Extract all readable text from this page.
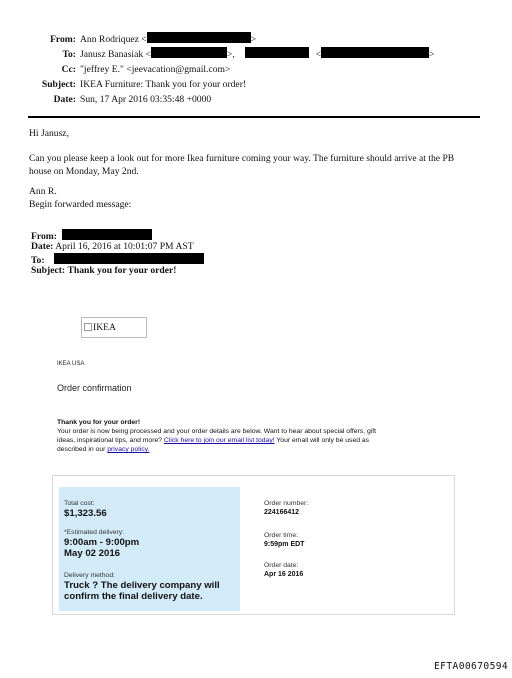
From: Ann Rodriquez <	>
To: Janusz Banasiak <	>,	<	>
Cc: "jeffrey E." <jeevacation@gmail.com>
Subject: IKEA Furniture: Thank you for your order!
Date: Sun, 17 Apr 2016 03:35:48 +0000
Hi Janusz,
Can you please keep a look out for more Ikea furniture coming your way. The furniture should arrive at the PB
house on Monday, May 2nd.
Ann R.
Begin forwarded message:
From:
Date: April 16, 2016 at 10:01:07 PM AST
To:
Subject: Thank you for your order!
IKEA
IKEA USA
Order confirmation
Thank you for your order!
Your order is now being processed and your order details are below. Want to hear about special offers, gift
ideas, inspirational tips, and more? Click here to join our email list today! Your email will only be used as
described in our privacy policy.
Total cost:
$1,323.56
*Estimated delivery:
9:00am - 9:00pm
May 02 2016
Delivery method:
Truck ? The delivery company will
confirm the final delivery date.
Order number:
224166412
Order time:
9:59pm EDT
Order date:
Apr 16 2016
EFTA00670594
